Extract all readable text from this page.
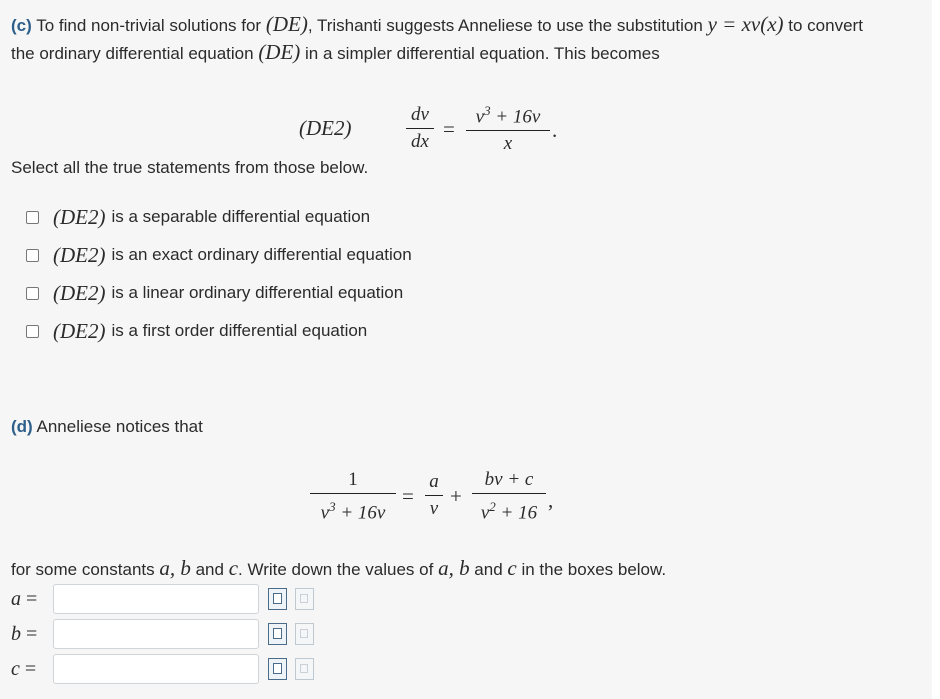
(c) To find non-trivial solutions for (DE), Trishanti suggests Anneliese to use the substitution y = xv(x) to convert
the ordinary differential equation (DE) in a simpler differential equation. This becomes
(DE2)
dv
dx
=
$v^3 + 16v$
x
.
Select all the true statements from those below.
(DE2) is a separable differential equation
(DE2) is an exact ordinary differential equation
(DE2) is a linear ordinary differential equation
(DE2) is a first order differential equation
(d) Anneliese notices that
1
$v^3 + 16v$
=
a
v
+
bv + c
$v^2 + 16$
,
for some constants a, b and c. Write down the values of a, b and c in the boxes below.
a =
b =
c =
